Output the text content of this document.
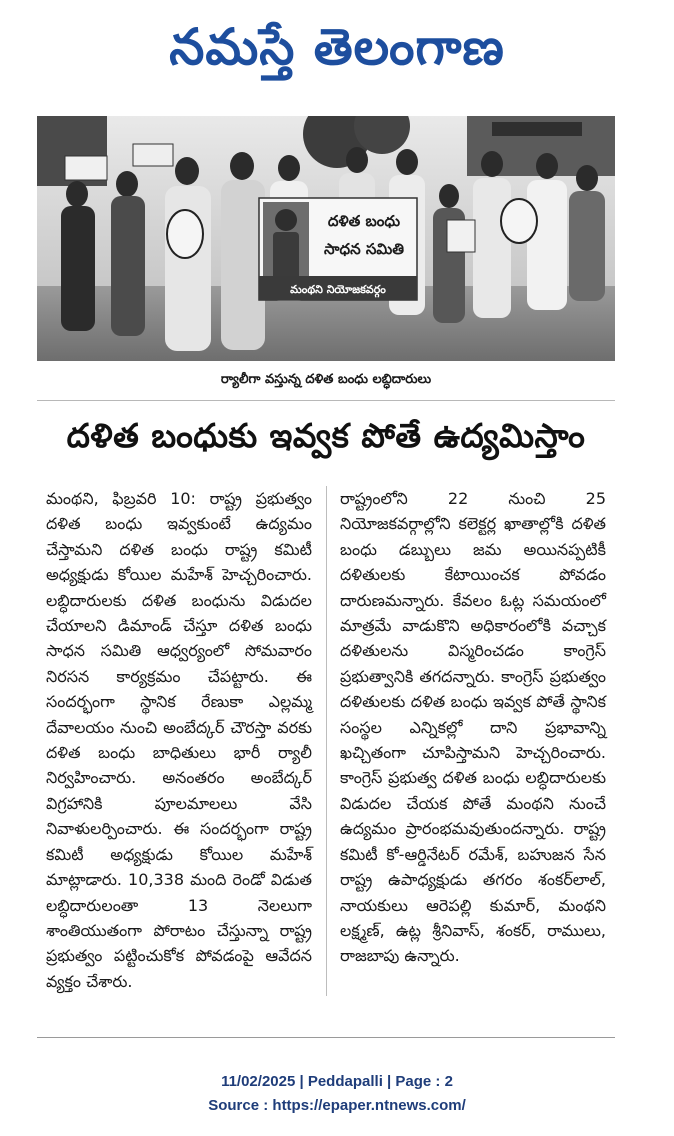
నమస్తే తెలంగాణ
దళిత బంధు
సాధన సమితి
మంథని నియోజకవర్గం
ర్యాలీగా వస్తున్న దళిత బంధు లబ్ధిదారులు
దళిత బంధుకు ఇవ్వక పోతే ఉద్యమిస్తాం

మంథని, ఫిబ్రవరి 10: రాష్ట్ర ప్రభుత్వం దళిత బంధు ఇవ్వకుంటే ఉద్యమం చేస్తామని దళిత బంధు రాష్ట్ర కమిటీ అధ్యక్షుడు కోయిల మహేశ్ హెచ్చరించారు. లబ్ధిదారులకు దళిత బంధును విడుదల చేయాలని డిమాండ్ చేస్తూ దళిత బంధు సాధన సమితి ఆధ్వర్యంలో సోమవారం నిరసన కార్యక్రమం చేపట్టారు. ఈ సందర్భంగా స్థానిక రేణుకా ఎల్లమ్మ దేవాలయం నుంచి అంబేద్కర్ చౌరస్తా వరకు దళిత బంధు బాధితులు భారీ ర్యాలీ నిర్వహించారు. అనంతరం అంబేద్కర్ విగ్రహానికి పూలమాలలు వేసి నివాళులర్పించారు. ఈ సందర్భంగా రాష్ట్ర కమిటీ అధ్యక్షుడు కోయిల మహేశ్ మాట్లాడారు. 10,338 మంది రెండో విడుత లబ్ధిదారులంతా 13 నెలలుగా శాంతియుతంగా పోరాటం చేస్తున్నా రాష్ట్ర ప్రభుత్వం పట్టించుకోక పోవడంపై ఆవేదన వ్యక్తం చేశారు.

రాష్ట్రంలోని 22 నుంచి 25 నియోజకవర్గాల్లోని కలెక్టర్ల ఖాతాల్లోకి దళిత బంధు డబ్బులు జమ అయినప్పటికీ దళితులకు కేటాయించక పోవడం దారుణమన్నారు. కేవలం ఓట్ల సమయంలో మాత్రమే వాడుకొని అధికారంలోకి వచ్చాక దళితులను విస్మరించడం కాంగ్రెస్ ప్రభుత్వానికి తగదన్నారు. కాంగ్రెస్ ప్రభుత్వం దళితులకు దళిత బంధు ఇవ్వక పోతే స్థానిక సంస్థల ఎన్నికల్లో దాని ప్రభావాన్ని ఖచ్చితంగా చూపిస్తామని హెచ్చరించారు. కాంగ్రెస్ ప్రభుత్వ దళిత బంధు లబ్ధిదారులకు విడుదల చేయక పోతే మంథని నుంచే ఉద్యమం ప్రారంభమవుతుందన్నారు. రాష్ట్ర కమిటీ కో-ఆర్డినేటర్ రమేశ్, బహుజన సేన రాష్ట్ర ఉపాధ్యక్షుడు తగరం శంకర్‌లాల్, నాయకులు ఆరెపల్లి కుమార్, మంథని లక్ష్మణ్, ఉట్ల శ్రీనివాస్, శంకర్, రాములు, రాజబాపు ఉన్నారు.

11/02/2025 | Peddapalli | Page : 2
Source : https://epaper.ntnews.com/
